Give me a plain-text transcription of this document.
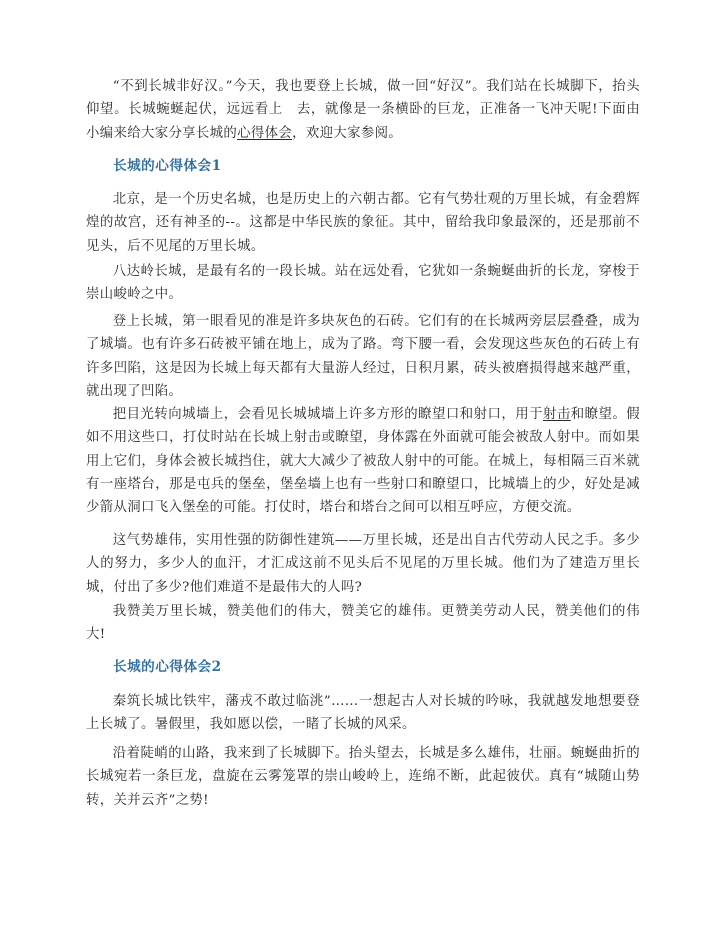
“不到长城非好汉。”今天，我也要登上长城，做一回“好汉”。我们站在长城脚下，抬头仰望。长城蜿蜒起伏，远远看上　去，就像是一条横卧的巨龙，正准备一飞冲天呢!下面由小编来给大家分享长城的心得体会，欢迎大家参阅。

长城的心得体会1

北京，是一个历史名城，也是历史上的六朝古都。它有气势壮观的万里长城，有金碧辉煌的故宫，还有神圣的--。这都是中华民族的象征。其中，留给我印象最深的，还是那前不见头，后不见尾的万里长城。

八达岭长城，是最有名的一段长城。站在远处看，它犹如一条蜿蜒曲折的长龙，穿梭于崇山峻岭之中。

登上长城，第一眼看见的准是许多块灰色的石砖。它们有的在长城两旁层层叠叠，成为了城墙。也有许多石砖被平铺在地上，成为了路。弯下腰一看，会发现这些灰色的石砖上有许多凹陷，这是因为长城上每天都有大量游人经过，日积月累，砖头被磨损得越来越严重，就出现了凹陷。

把目光转向城墙上，会看见长城城墙上许多方形的瞭望口和射口，用于射击和瞭望。假如不用这些口，打仗时站在长城上射击或瞭望，身体露在外面就可能会被敌人射中。而如果用上它们，身体会被长城挡住，就大大减少了被敌人射中的可能。在城上，每相隔三百米就有一座塔台，那是屯兵的堡垒，堡垒墙上也有一些射口和瞭望口，比城墙上的少，好处是减少箭从洞口飞入堡垒的可能。打仗时，塔台和塔台之间可以相互呼应，方便交流。

这气势雄伟，实用性强的防御性建筑——万里长城，还是出自古代劳动人民之手。多少人的努力，多少人的血汗，才汇成这前不见头后不见尾的万里长城。他们为了建造万里长城，付出了多少?他们难道不是最伟大的人吗?

我赞美万里长城，赞美他们的伟大，赞美它的雄伟。更赞美劳动人民，赞美他们的伟大!

长城的心得体会2

秦筑长城比铁牢，藩戎不敢过临洮”……一想起古人对长城的吟咏，我就越发地想要登上长城了。暑假里，我如愿以偿，一睹了长城的风采。

沿着陡峭的山路，我来到了长城脚下。抬头望去，长城是多么雄伟，壮丽。蜿蜒曲折的长城宛若一条巨龙，盘旋在云雾笼罩的崇山峻岭上，连绵不断，此起彼伏。真有“城随山势转，关并云齐”之势!
